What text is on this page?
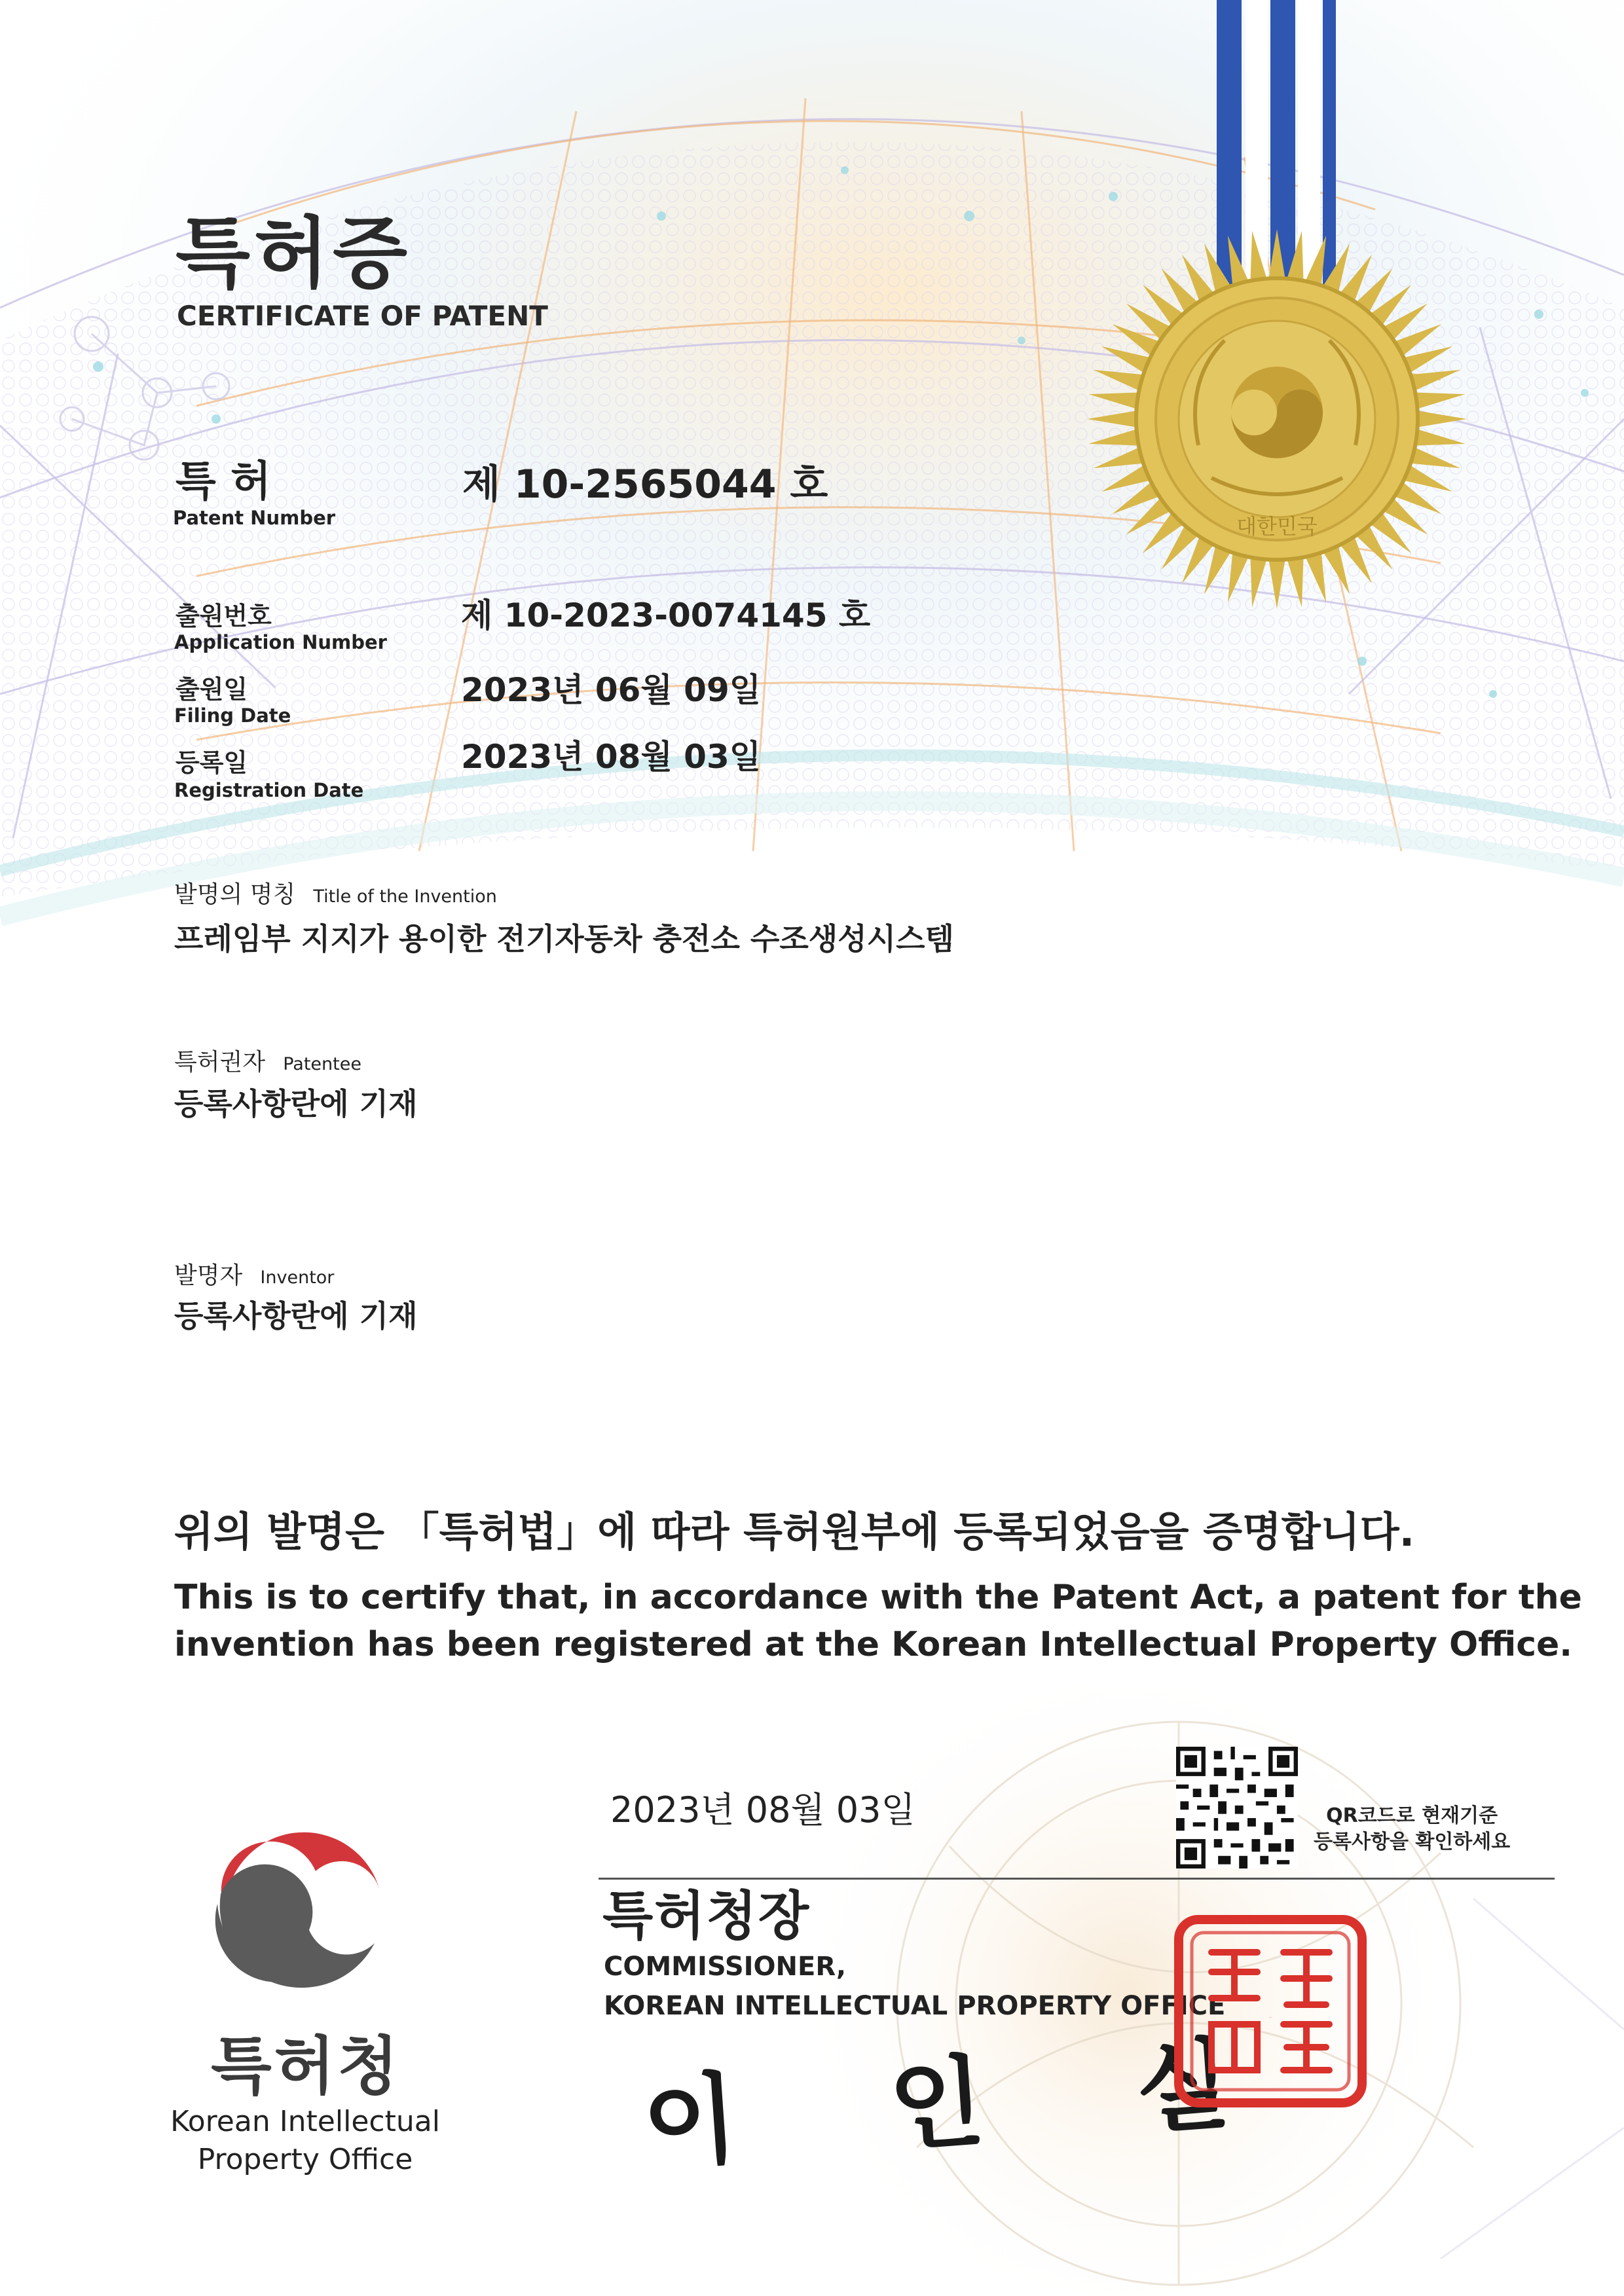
대한민국
특허증
CERTIFICATE OF PATENT
특 허
Patent Number
제 10-2565044 호
출원번호
Application Number
제 10-2023-0074145 호
출원일
Filing Date
2023년 06월 09일
등록일
Registration Date
2023년 08월 03일
발명의 명칭 Title of the Invention
프레임부 지지가 용이한 전기자동차 충전소 수조생성시스템
특허권자 Patentee
등록사항란에 기재
발명자 Inventor
등록사항란에 기재
위의 발명은 「특허법」에 따라 특허원부에 등록되었음을 증명합니다.
This is to certify that, in accordance with the Patent Act, a patent for the
invention has been registered at the Korean Intellectual Property Office.
특허청
Korean Intellectual
Property Office
2023년 08월 03일
특허청장
COMMISSIONER,
KOREAN INTELLECTUAL PROPERTY OFFICE
이 인 실
QR코드로 현재기준
등록사항을 확인하세요
특허청장인
